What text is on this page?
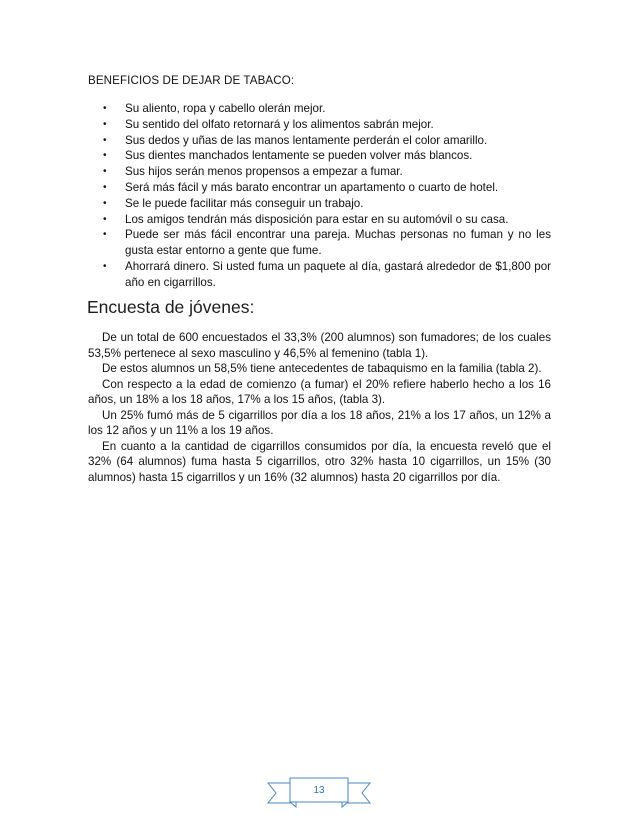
BENEFICIOS DE DEJAR DE TABACO:
• Su aliento, ropa y cabello olerán mejor.
• Su sentido del olfato retornará y los alimentos sabrán mejor.
• Sus dedos y uñas de las manos lentamente perderán el color amarillo.
• Sus dientes manchados lentamente se pueden volver más blancos.
• Sus hijos serán menos propensos a empezar a fumar.
• Será más fácil y más barato encontrar un apartamento o cuarto de hotel.
• Se le puede facilitar más conseguir un trabajo.
• Los amigos tendrán más disposición para estar en su automóvil o su casa.
• Puede ser más fácil encontrar una pareja. Muchas personas no fuman y no les gusta estar entorno a gente que fume.
• Ahorrará dinero. Si usted fuma un paquete al día, gastará alrededor de $1,800 por año en cigarrillos.
Encuesta de jóvenes:

De un total de 600 encuestados el 33,3% (200 alumnos) son fumadores; de los cuales 53,5% pertenece al sexo masculino y 46,5% al femenino (tabla 1).

De estos alumnos un 58,5% tiene antecedentes de tabaquismo en la familia (tabla 2).

Con respecto a la edad de comienzo (a fumar) el 20% refiere haberlo hecho a los 16 años, un 18% a los 18 años, 17% a los 15 años, (tabla 3).

Un 25% fumó más de 5 cigarrillos por día a los 18 años, 21% a los 17 años, un 12% a los 12 años y un 11% a los 19 años.

En cuanto a la cantidad de cigarrillos consumidos por día, la encuesta reveló que el 32% (64 alumnos) fuma hasta 5 cigarrillos, otro 32% hasta 10 cigarrillos, un 15% (30 alumnos) hasta 15 cigarrillos y un 16% (32 alumnos) hasta 20 cigarrillos por día.

13
